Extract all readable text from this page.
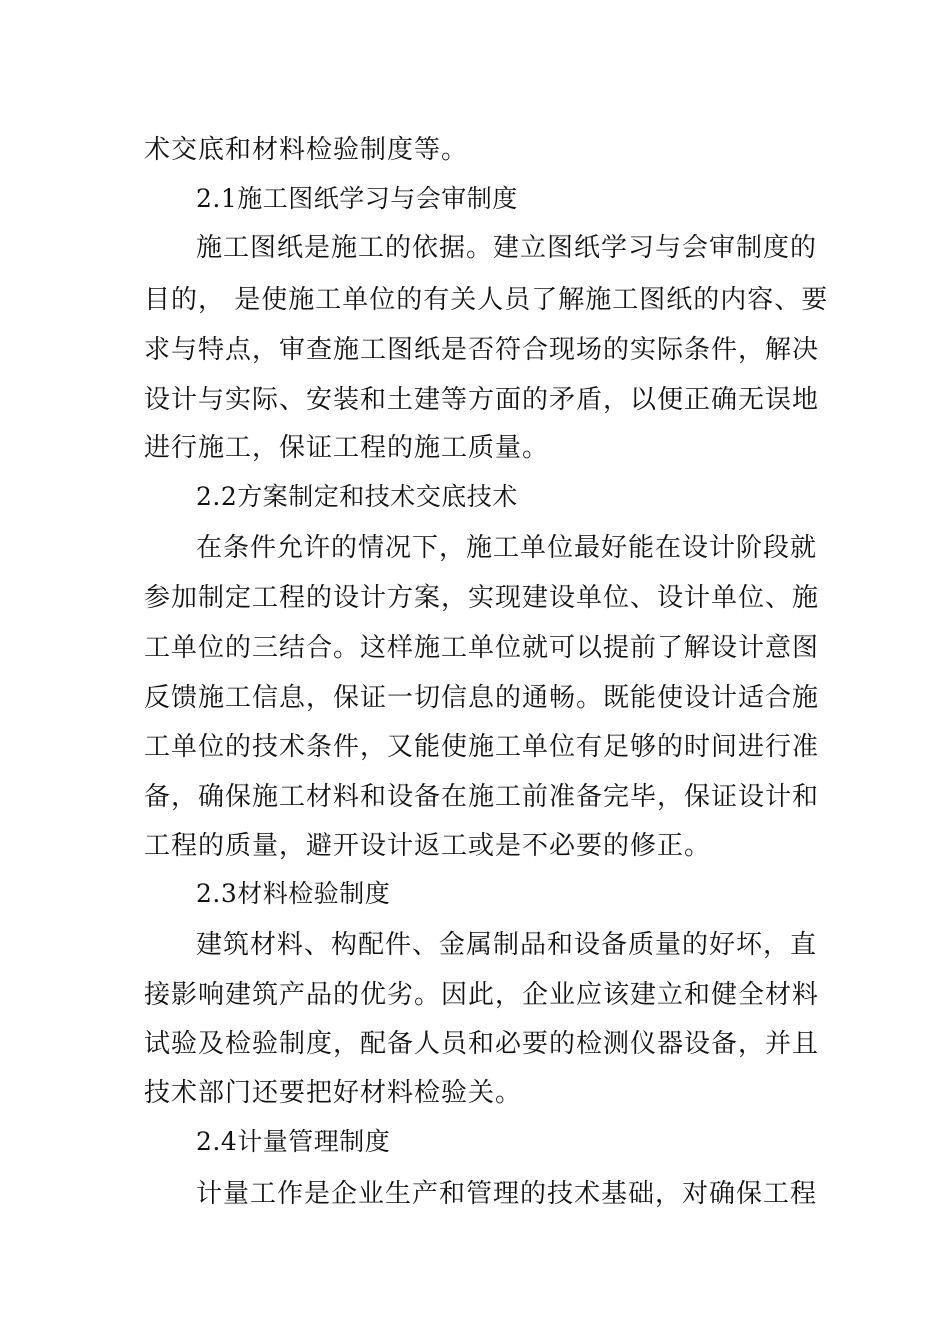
术交底和材料检验制度等。
2.1施工图纸学习与会审制度
施工图纸是施工的依据。建立图纸学习与会审制度的
目的， 是使施工单位的有关人员了解施工图纸的内容、要
求与特点，审查施工图纸是否符合现场的实际条件，解决
设计与实际、安装和土建等方面的矛盾，以便正确无误地
进行施工，保证工程的施工质量。
2.2方案制定和技术交底技术
在条件允许的情况下，施工单位最好能在设计阶段就
参加制定工程的设计方案，实现建设单位、设计单位、施
工单位的三结合。这样施工单位就可以提前了解设计意图
反馈施工信息，保证一切信息的通畅。既能使设计适合施
工单位的技术条件，又能使施工单位有足够的时间进行准
备，确保施工材料和设备在施工前准备完毕，保证设计和
工程的质量，避开设计返工或是不必要的修正。
2.3材料检验制度
建筑材料、构配件、金属制品和设备质量的好坏，直
接影响建筑产品的优劣。因此，企业应该建立和健全材料
试验及检验制度，配备人员和必要的检测仪器设备，并且
技术部门还要把好材料检验关。
2.4计量管理制度
计量工作是企业生产和管理的技术基础，对确保工程
